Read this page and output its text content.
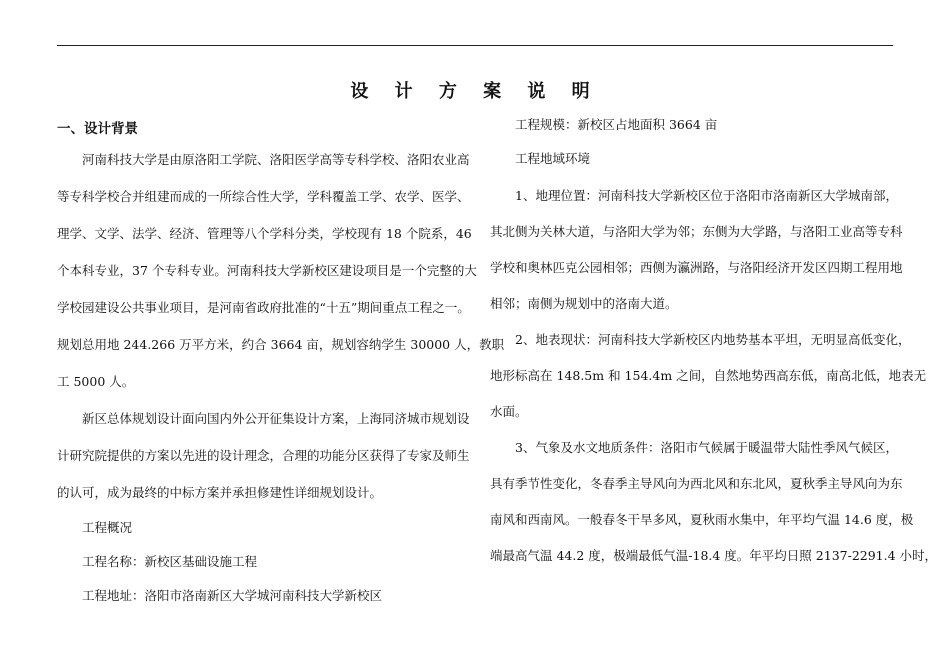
设 计 方 案 说 明
一、设计背景
河南科技大学是由原洛阳工学院、洛阳医学高等专科学校、洛阳农业高
等专科学校合并组建而成的一所综合性大学，学科覆盖工学、农学、医学、
理学、文学、法学、经济、管理等八个学科分类，学校现有 18 个院系，46
个本科专业，37 个专科专业。河南科技大学新校区建设项目是一个完整的大
学校园建设公共事业项目，是河南省政府批准的“十五”期间重点工程之一。
规划总用地 244.266 万平方米，约合 3664 亩，规划容纳学生 30000 人，教职
工 5000 人。
新区总体规划设计面向国内外公开征集设计方案，上海同济城市规划设
计研究院提供的方案以先进的设计理念，合理的功能分区获得了专家及师生
的认可，成为最终的中标方案并承担修建性详细规划设计。
工程概况
工程名称：新校区基础设施工程
工程地址：洛阳市洛南新区大学城河南科技大学新校区
工程规模：新校区占地面积 3664 亩
工程地域环境
1、地理位置：河南科技大学新校区位于洛阳市洛南新区大学城南部，
其北侧为关林大道，与洛阳大学为邻；东侧为大学路，与洛阳工业高等专科
学校和奥林匹克公园相邻；西侧为瀛洲路，与洛阳经济开发区四期工程用地
相邻；南侧为规划中的洛南大道。
2、地表现状：河南科技大学新校区内地势基本平坦，无明显高低变化，
地形标高在 148.5m 和 154.4m 之间，自然地势西高东低，南高北低，地表无
水面。
3、气象及水文地质条件：洛阳市气候属于暖温带大陆性季风气候区，
具有季节性变化，冬春季主导风向为西北风和东北风，夏秋季主导风向为东
南风和西南风。一般春冬干旱多风，夏秋雨水集中，年平均气温 14.6 度，极
端最高气温 44.2 度，极端最低气温-18.4 度。年平均日照 2137-2291.4 小时，
